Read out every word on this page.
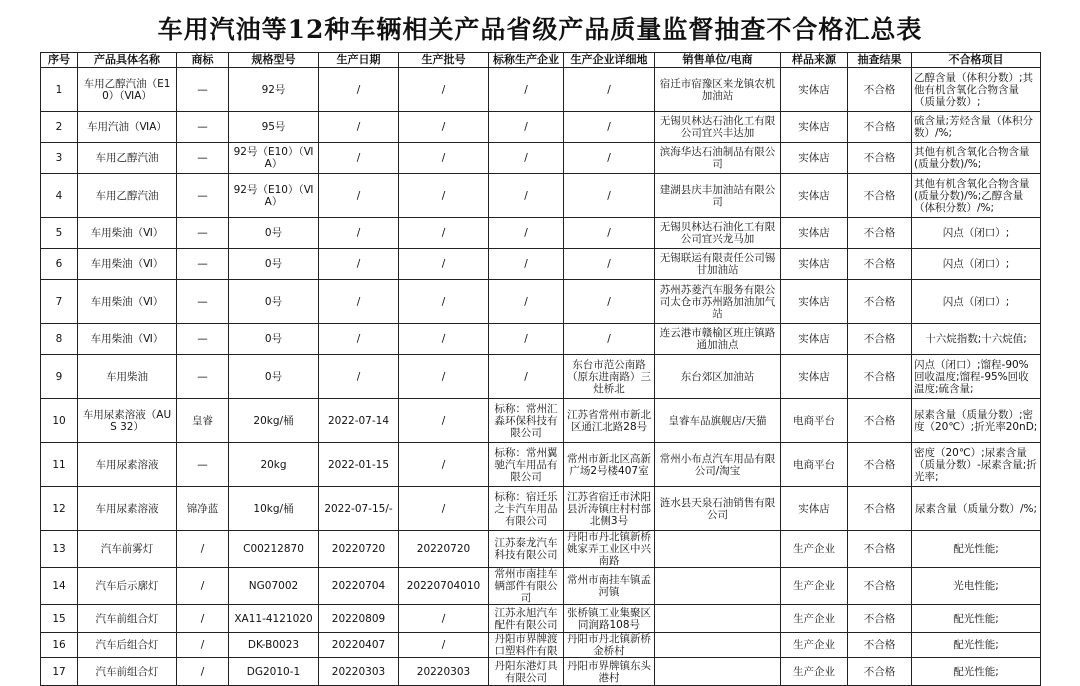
车用汽油等12种车辆相关产品省级产品质量监督抽查不合格汇总表
序号	产品具体名称	商标	规格型号	生产日期	生产批号	标称生产企业	生产企业详细地	销售单位/电商	样品来源	抽查结果	不合格项目
1	车用乙醇汽油（E10）（ⅥA）	—	92号	/	/	/	/	宿迁市宿豫区来龙镇农机加油站	实体店	不合格	乙醇含量（体积分数）;其他有机含氧化合物含量（质量分数）;
2	车用汽油（ⅥA）	—	95号	/	/	/	/	无锡贝林达石油化工有限公司宜兴丰达加	实体店	不合格	硫含量;芳烃含量（体积分数）/%;
3	车用乙醇汽油	—	92号（E10）（ⅥA）	/	/	/	/	滨海华达石油制品有限公司	实体店	不合格	其他有机含氧化合物含量(质量分数)/%;
4	车用乙醇汽油	—	92号（E10）（ⅥA）	/	/	/	/	建湖县庆丰加油站有限公司	实体店	不合格	其他有机含氧化合物含量(质量分数)/%;乙醇含量（体积分数）/%;
5	车用柴油（Ⅵ）	—	0号	/	/	/	/	无锡贝林达石油化工有限公司宜兴龙马加	实体店	不合格	闪点（闭口）;
6	车用柴油（Ⅵ）	—	0号	/	/	/	/	无锡联运有限责任公司锡甘加油站	实体店	不合格	闪点（闭口）;
7	车用柴油（Ⅵ）	—	0号	/	/	/	/	苏州苏菱汽车服务有限公司太仓市苏州路加油加气站	实体店	不合格	闪点（闭口）;
8	车用柴油（Ⅵ）	—	0号	/	/	/	/	连云港市赣榆区班庄镇路通加油点	实体店	不合格	十六烷指数;十六烷值;
9	车用柴油	—	0号	/	/	/	东台市范公南路（原东进南路）三灶桥北	东台郊区加油站	实体店	不合格	闪点（闭口）;馏程-90%回收温度;馏程-95%回收温度;硫含量;
10	车用尿素溶液（AUS 32）	皇睿	20kg/桶	2022-07-14	/	标称：常州汇淼环保科技有限公司	江苏省常州市新北区通江北路28号	皇睿车品旗舰店/天猫	电商平台	不合格	尿素含量（质量分数）;密度（20℃）;折光率20nD;
11	车用尿素溶液	—	20kg	2022-01-15	/	标称：常州翼驰汽车用品有限公司	常州市新北区高新广场2号楼407室	常州小布点汽车用品有限公司/淘宝	电商平台	不合格	密度（20℃）;尿素含量（质量分数）-尿素含量;折光率;
12	车用尿素溶液	锦净蓝	10kg/桶	2022-07-15/-	/	标称：宿迁乐之卡汽车用品有限公司	江苏省宿迁市沭阳县沂涛镇庄村村部北侧3号	涟水县天泉石油销售有限公司	实体店	不合格	尿素含量（质量分数）/%;
13	汽车前雾灯	/	C00212870	20220720	20220720	江苏泰龙汽车科技有限公司	丹阳市丹北镇新桥姚家弄工业区中兴南路		生产企业	不合格	配光性能;
14	汽车后示廓灯	/	NG07002	20220704	20220704010	常州市南挂车辆部件有限公司	常州市南挂车镇孟河镇		生产企业	不合格	光电性能;
15	汽车前组合灯	/	XA11-4121020	20220809	/	江苏永旭汽车配件有限公司	张桥镇工业集聚区同润路108号		生产企业	不合格	配光性能;
16	汽车后组合灯	/	DK-B0023	20220407	/	丹阳市界牌渡口塑料件有限	丹阳市丹北镇新桥金桥村		生产企业	不合格	配光性能;
17	汽车前组合灯	/	DG2010-1	20220303	20220303	丹阳东港灯具有限公司	丹阳市界牌镇东头港村		生产企业	不合格	配光性能;
